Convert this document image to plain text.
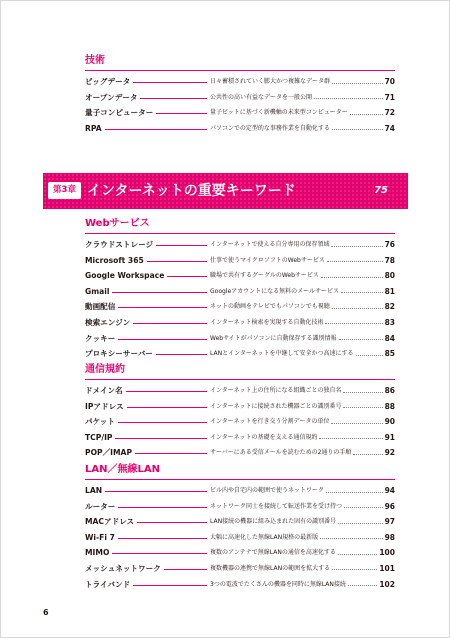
技術
ビッグデータ	日々蓄積されていく膨大かつ複雑なデータ群	70
オープンデータ	公共性の高い有益なデータを一般公開	71
量子コンピューター	量子ビットに基づく新機軸の未来型コンピューター	72
RPA	パソコンでの定型的な事務作業を自動化する	74
第3章 インターネットの重要キーワード	75
Webサービス
クラウドストレージ	インターネットで使える自分専用の保存領域	76
Microsoft 365	仕事で使うマイクロソフトのWebサービス	78
Google Workspace	職場で共有するグーグルのWebサービス	80
Gmail	Googleアカウントになる無料のメールサービス	81
動画配信	ネットの動画をテレビでもパソコンでも視聴	82
検索エンジン	インターネット検索を実現する自動化技術	83
クッキー	Webサイトがパソコンに自動保存する識別情報	84
プロキシーサーバー	LANとインターネットを中継して安全かつ高速にする	85
通信規約
ドメイン名	インターネット上の住所になる組織ごとの独自名	86
IPアドレス	インターネットに接続された機器ごとの識別番号	88
パケット	インターネットを行き交う分割データの単位	90
TCP/IP	インターネットの基礎を支える通信規約	91
POP／IMAP	サーバーにある受信メールを読むための2通りの手順	92
LAN／無線LAN
LAN	ビル内や自宅内の範囲で使うネットワーク	94
ルーター	ネットワーク同士を接続して転送作業を受け持つ	96
MACアドレス	LAN接続の機器に組み込まれた固有の識別番号	97
Wi-Fi 7	大幅に高速化した無線LAN規格の最新版	98
MIMO	複数のアンテナで無線LANの通信を高速化する	100
メッシュネットワーク	複数機器の連携で無線LANの範囲を拡大する	101
トライバンド	3つの電波でたくさんの機器を同時に無線LAN接続	102
6
